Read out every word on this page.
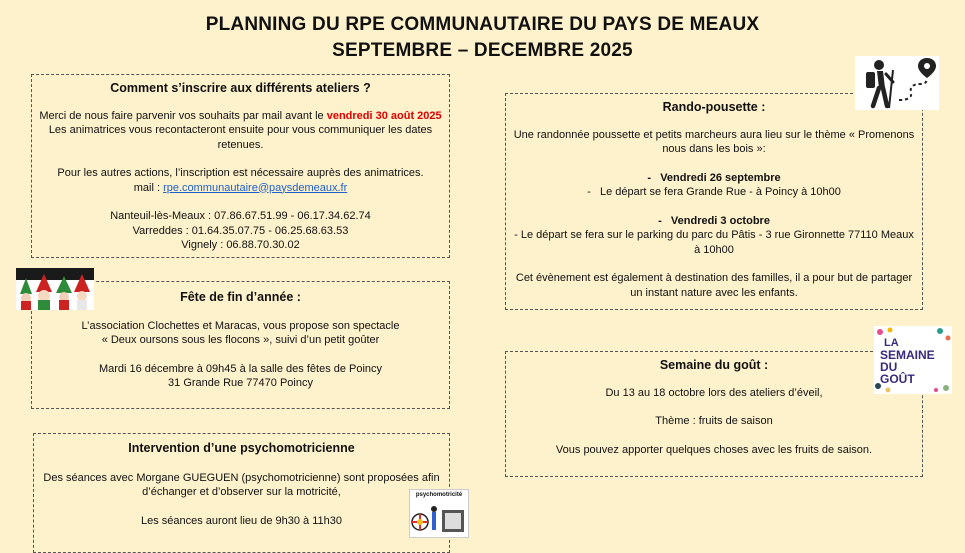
PLANNING DU RPE COMMUNAUTAIRE DU PAYS DE MEAUX
SEPTEMBRE – DECEMBRE 2025
Comment s’inscrire aux différents ateliers ?

Merci de nous faire parvenir vos souhaits par mail avant le vendredi 30 août 2025

Les animatrices vous recontacteront ensuite pour vous communiquer les dates

retenues.

Pour les autres actions, l’inscription est nécessaire auprès des animatrices.

mail : rpe.communautaire@paysdemeaux.fr

Nanteuil-lès-Meaux : 07.86.67.51.99 - 06.17.34.62.74

Varreddes : 01.64.35.07.75 - 06.25.68.63.53

Vignely : 06.88.70.30.02

Fête de fin d’année :

L’association Clochettes et Maracas, vous propose son spectacle

« Deux oursons sous les flocons », suivi d’un petit goûter

Mardi 16 décembre à 09h45 à la salle des fêtes de Poincy

31 Grande Rue 77470 Poincy

Intervention d’une psychomotricienne

Des séances avec Morgane GUEGUEN (psychomotricienne) sont proposées afin

d’échanger et d’observer sur la motricité,

Les séances auront lieu de 9h30 à 11h30

psychomotricité
Rando-pousette :

Une randonnée poussette et petits marcheurs aura lieu sur le thème « Promenons

nous dans les bois »:

-   Vendredi 26 septembre

-   Le départ se fera Grande Rue - à Poincy à 10h00

-   Vendredi 3 octobre

- Le départ se fera sur le parking du parc du Pâtis - 3 rue Gironnette 77110 Meaux

à 10h00

Cet évènement est également à destination des familles, il a pour but de partager

un instant nature avec les enfants.

Semaine du goût :

Du 13 au 18 octobre lors des ateliers d’éveil,

Thème : fruits de saison

Vous pouvez apporter quelques choses avec les fruits de saison.

LA
SEMAINE
DU
GOÛT
